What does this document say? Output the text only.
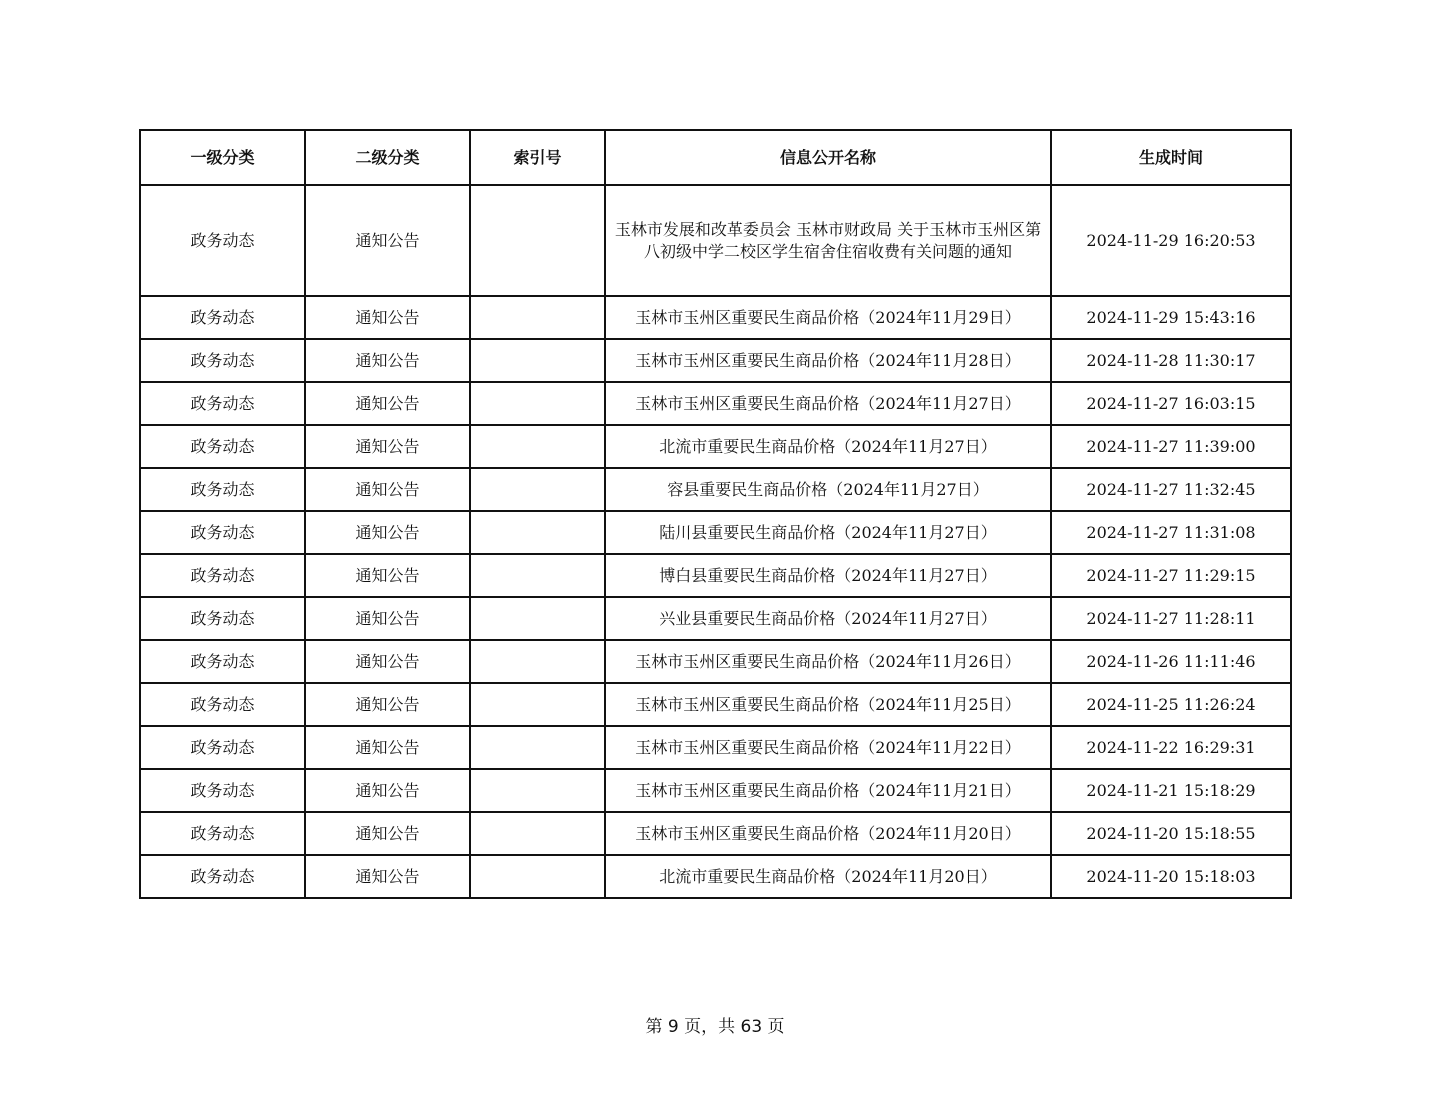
一级分类	二级分类	索引号	信息公开名称	生成时间
政务动态	通知公告		玉林市发展和改革委员会 玉林市财政局 关于玉林市玉州区第八初级中学二校区学生宿舍住宿收费有关问题的通知	2024-11-29 16:20:53
政务动态	通知公告		玉林市玉州区重要民生商品价格（2024年11月29日）	2024-11-29 15:43:16
政务动态	通知公告		玉林市玉州区重要民生商品价格（2024年11月28日）	2024-11-28 11:30:17
政务动态	通知公告		玉林市玉州区重要民生商品价格（2024年11月27日）	2024-11-27 16:03:15
政务动态	通知公告		北流市重要民生商品价格（2024年11月27日）	2024-11-27 11:39:00
政务动态	通知公告		容县重要民生商品价格（2024年11月27日）	2024-11-27 11:32:45
政务动态	通知公告		陆川县重要民生商品价格（2024年11月27日）	2024-11-27 11:31:08
政务动态	通知公告		博白县重要民生商品价格（2024年11月27日）	2024-11-27 11:29:15
政务动态	通知公告		兴业县重要民生商品价格（2024年11月27日）	2024-11-27 11:28:11
政务动态	通知公告		玉林市玉州区重要民生商品价格（2024年11月26日）	2024-11-26 11:11:46
政务动态	通知公告		玉林市玉州区重要民生商品价格（2024年11月25日）	2024-11-25 11:26:24
政务动态	通知公告		玉林市玉州区重要民生商品价格（2024年11月22日）	2024-11-22 16:29:31
政务动态	通知公告		玉林市玉州区重要民生商品价格（2024年11月21日）	2024-11-21 15:18:29
政务动态	通知公告		玉林市玉州区重要民生商品价格（2024年11月20日）	2024-11-20 15:18:55
政务动态	通知公告		北流市重要民生商品价格（2024年11月20日）	2024-11-20 15:18:03
第 9 页，共 63 页
